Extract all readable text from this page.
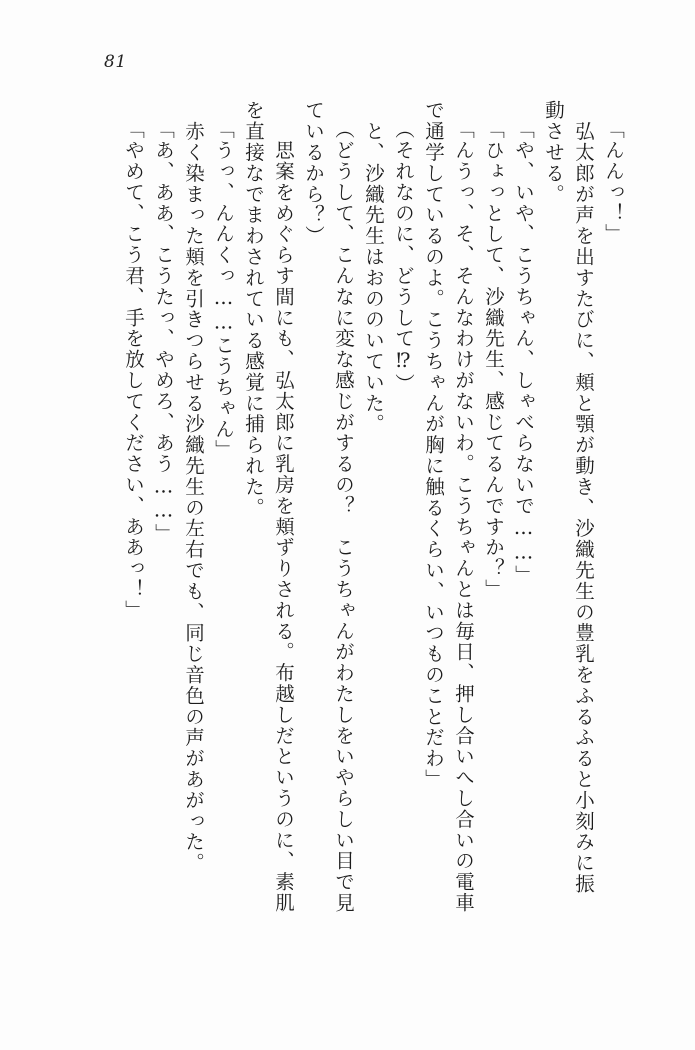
81
「んんっ！」
　弘太郎が声を出すたびに、頬と顎が動き、沙織先生の豊乳をふるふると小刻みに振
動させる。
「や、いや、こうちゃん、しゃべらないで……」
「ひょっとして、沙織先生、感じてるんですか？」
「んうっ、そ、そんなわけがないわ。こうちゃんとは毎日、押し合いへし合いの電車
で通学しているのよ。こうちゃんが胸に触るくらい、いつものことだわ」
（それなのに、どうして⁉）
　と、沙織先生はおののいていた。
（どうして、こんなに変な感じがするの？　こうちゃんがわたしをいやらしい目で見
ているから？）
　思案をめぐらす間にも、弘太郎に乳房を頬ずりされる。布越しだというのに、素肌
を直接なでまわされている感覚に捕られた。
「うっ、んんくっ……こうちゃん」
　赤く染まった頬を引きつらせる沙織先生の左右でも、同じ音色の声があがった。
「あ、ああ、こうたっ、やめろ、あう……」
「やめて、こう君、手を放してください、ああっ！」
